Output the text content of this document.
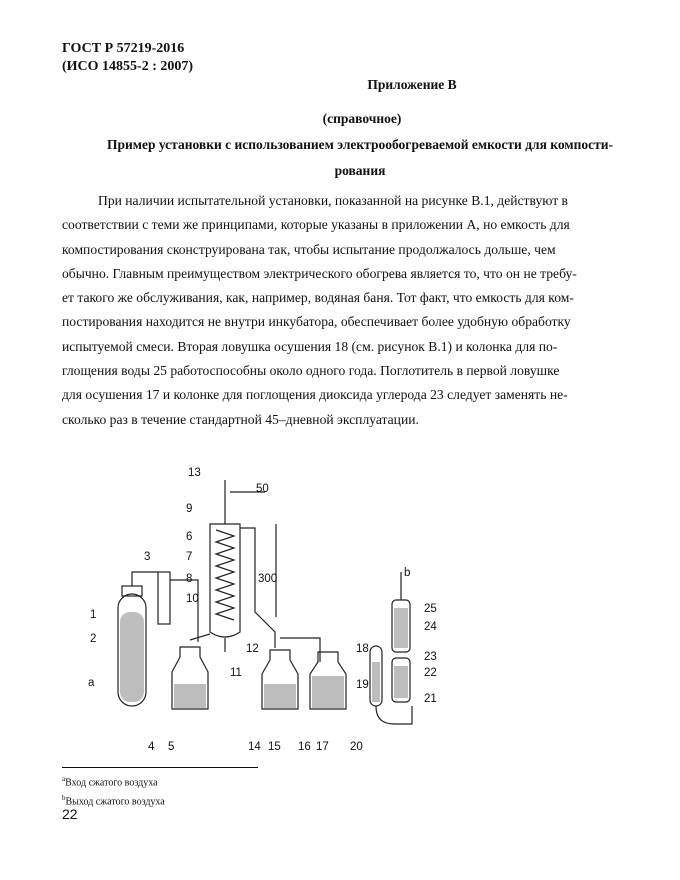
ГОСТ Р 57219-2016
(ИСО 14855-2 : 2007)
Приложение В
(справочное)
Пример установки с использованием электрообогреваемой емкости для компости-
рования
При наличии испытательной установки, показанной на рисунке В.1, действуют в
соответствии с теми же принципами, которые указаны в приложении А, но емкость для
компостирования сконструирована так, чтобы испытание продолжалось дольше, чем
обычно. Главным преимуществом электрического обогрева является то, что он не требу-
ет такого же обслуживания, как, например, водяная баня. Тот факт, что емкость для ком-
постирования находится не внутри инкубатора, обеспечивает более удобную обработку
испытуемой смеси. Вторая ловушка осушения 18 (см. рисунок В.1) и колонка для по-
глощения воды 25 работоспособны около одного года. Поглотитель в первой ловушке
для осушения 17 и колонке для поглощения диоксида углерода 23 следует заменять не-
сколько раз в течение стандартной 45–дневной эксплуатации.
13
50
9
6
3	7
300
8
10
1
12
2
11
25
24
18
23
22
19
21
4 5	14 15 16 17 20
a
b
$^a$Вход сжатого воздуха
$^b$Выход сжатого воздуха
22
